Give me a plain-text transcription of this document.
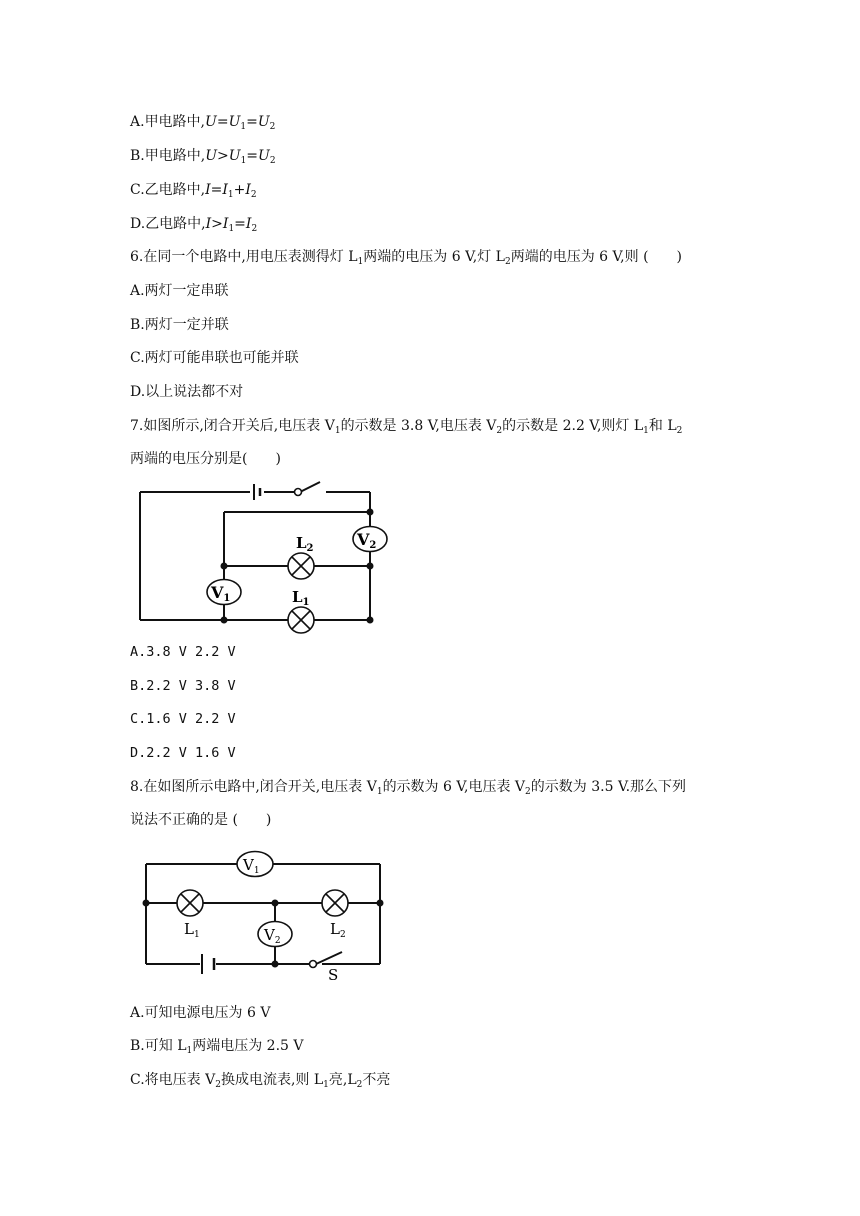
A.甲电路中$,U=U_1=U_2$
B.甲电路中$,U>U_1=U_2$
C.乙电路中$,I=I_1+I_2$
D.乙电路中$,I>I_1=I_2$
6.在同一个电路中,用电压表测得灯 $L_1$两端的电压为 6 V,灯 $L_2$两端的电压为 6 V,则 (　　)
A.两灯一定串联
B.两灯一定并联
C.两灯可能串联也可能并联
D.以上说法都不对
7.如图所示,闭合开关后,电压表 $V_1$的示数是 3.8 V,电压表 $V_2$的示数是 2.2 V,则灯 $L_1$和 $L_2$
两端的电压分别是(　　)
V2
V1
$L_2$
$L_1$
A.3.8 V 2.2 V
B.2.2 V 3.8 V
C.1.6 V 2.2 V
D.2.2 V 1.6 V
8.在如图所示电路中,闭合开关,电压表 $V_1$的示数为 6 V,电压表 $V_2$的示数为 3.5 V.那么下列
说法不正确的是 (　　)
S
$V_1$
$V_2$
$L_1$	$L_2$
A.可知电源电压为 6 V
B.可知 $L_1$两端电压为 2.5 V
C.将电压表 $V_2$换成电流表,则 $L_1$亮$,L_2$不亮
